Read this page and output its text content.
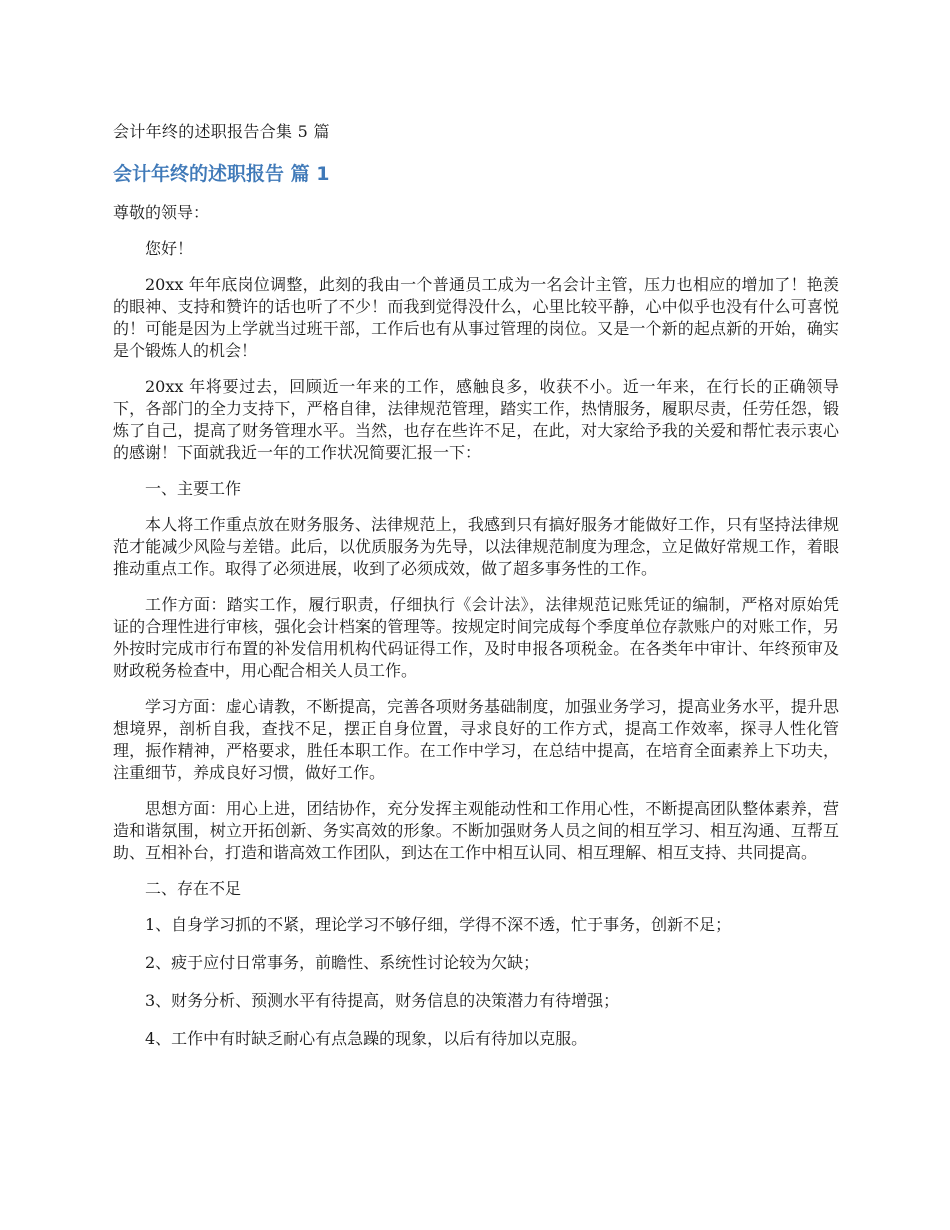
会计年终的述职报告合集 5 篇
会计年终的述职报告 篇 1
尊敬的领导：
您好！
20xx 年年底岗位调整，此刻的我由一个普通员工成为一名会计主管，压力也相应的增加了！艳羡的眼神、支持和赞许的话也听了不少！而我到觉得没什么，心里比较平静，心中似乎也没有什么可喜悦的！可能是因为上学就当过班干部，工作后也有从事过管理的岗位。又是一个新的起点新的开始，确实是个锻炼人的机会！
20xx 年将要过去，回顾近一年来的工作，感触良多，收获不小。近一年来，在行长的正确领导下，各部门的全力支持下，严格自律，法律规范管理，踏实工作，热情服务，履职尽责，任劳任怨，锻炼了自己，提高了财务管理水平。当然，也存在些许不足，在此，对大家给予我的关爱和帮忙表示衷心的感谢！下面就我近一年的工作状况简要汇报一下：
一、主要工作
本人将工作重点放在财务服务、法律规范上，我感到只有搞好服务才能做好工作，只有坚持法律规范才能减少风险与差错。此后，以优质服务为先导，以法律规范制度为理念，立足做好常规工作，着眼推动重点工作。取得了必须进展，收到了必须成效，做了超多事务性的工作。
工作方面：踏实工作，履行职责，仔细执行《会计法》，法律规范记账凭证的编制，严格对原始凭证的合理性进行审核，强化会计档案的管理等。按规定时间完成每个季度单位存款账户的对账工作，另外按时完成市行布置的补发信用机构代码证得工作，及时申报各项税金。在各类年中审计、年终预审及财政税务检查中，用心配合相关人员工作。
学习方面：虚心请教，不断提高，完善各项财务基础制度，加强业务学习，提高业务水平，提升思想境界，剖析自我，查找不足，摆正自身位置，寻求良好的工作方式，提高工作效率，探寻人性化管理，振作精神，严格要求，胜任本职工作。在工作中学习，在总结中提高，在培育全面素养上下功夫，注重细节，养成良好习惯，做好工作。
思想方面：用心上进，团结协作，充分发挥主观能动性和工作用心性，不断提高团队整体素养，营造和谐氛围，树立开拓创新、务实高效的形象。不断加强财务人员之间的相互学习、相互沟通、互帮互助、互相补台，打造和谐高效工作团队，到达在工作中相互认同、相互理解、相互支持、共同提高。
二、存在不足
1、自身学习抓的不紧，理论学习不够仔细，学得不深不透，忙于事务，创新不足；
2、疲于应付日常事务，前瞻性、系统性讨论较为欠缺；
3、财务分析、预测水平有待提高，财务信息的决策潜力有待增强；
4、工作中有时缺乏耐心有点急躁的现象，以后有待加以克服。
